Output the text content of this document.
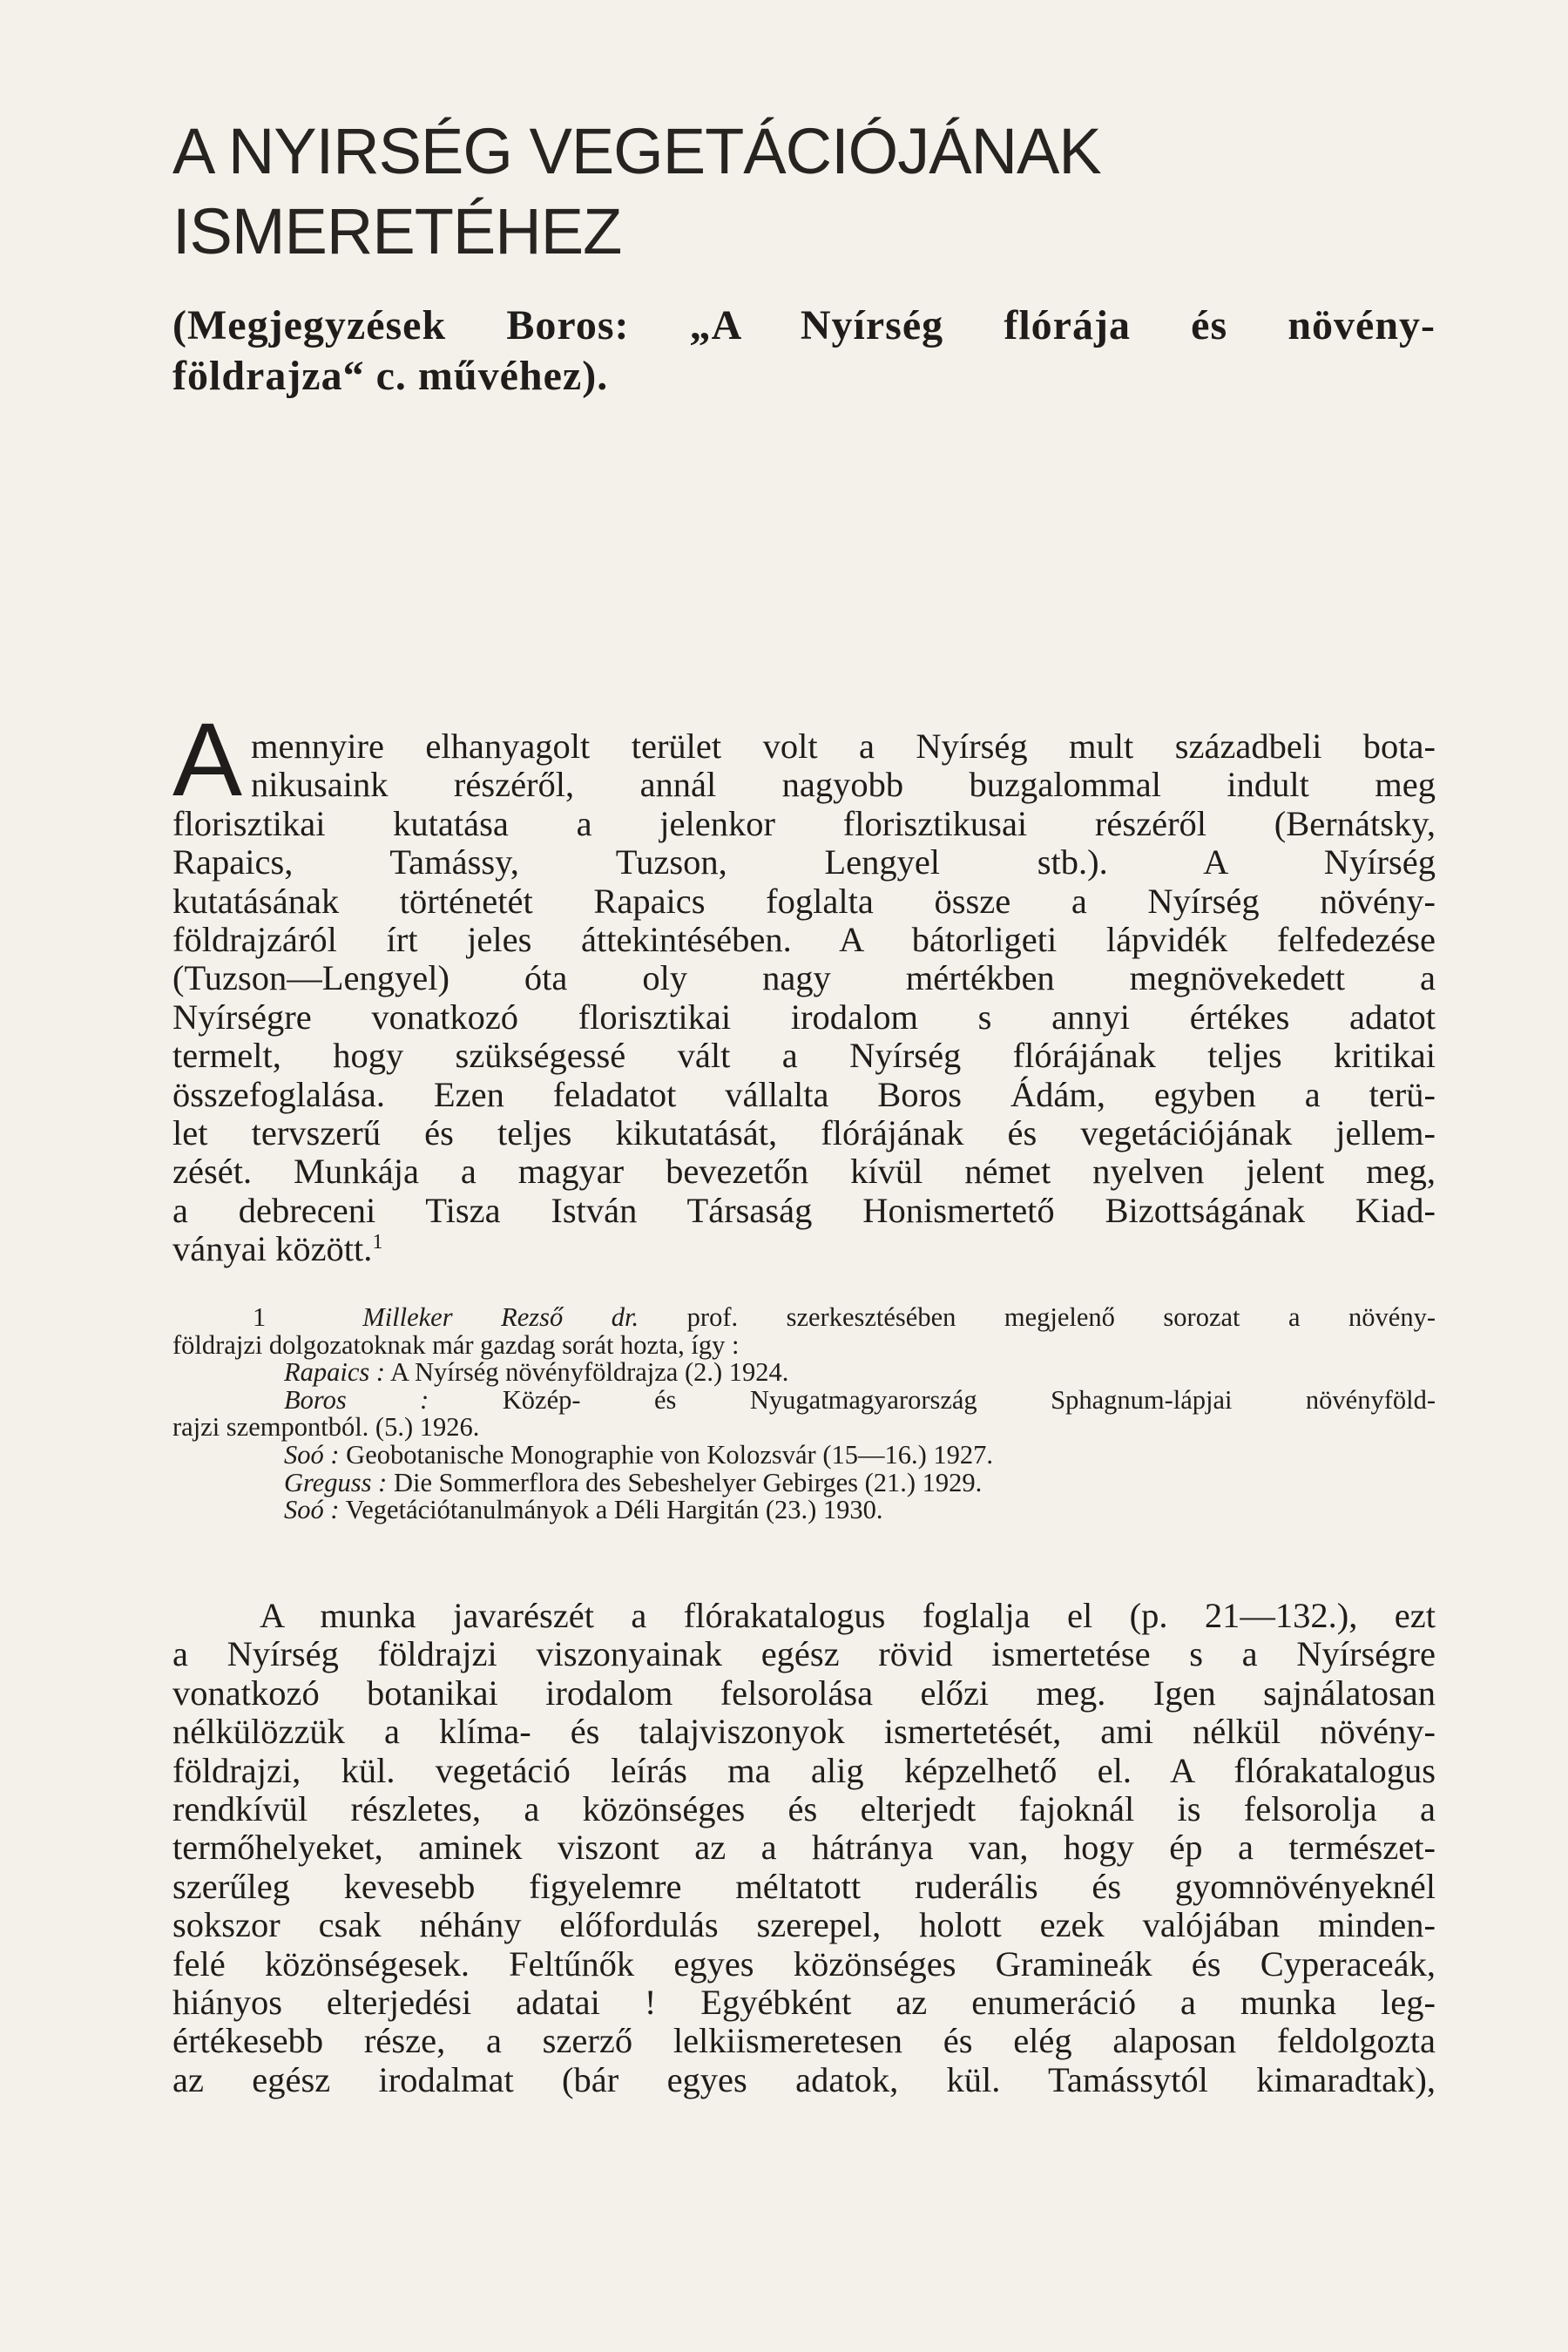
A NYIRSÉG VEGETÁCIÓJÁNAK
ISMERETÉHEZ
(Megjegyzések Boros: „A Nyírség flórája és növény-
földrajza“ c. művéhez).
A mennyire elhanyagolt terület volt a Nyírség mult századbeli bota-
nikusaink részéről, annál nagyobb buzgalommal indult meg
florisztikai kutatása a jelenkor florisztikusai részéről (Bernátsky,
Rapaics, Tamássy, Tuzson, Lengyel stb.). A Nyírség
kutatásának történetét Rapaics foglalta össze a Nyírség növény-
földrajzáról írt jeles áttekintésében. A bátorligeti lápvidék felfedezése
(Tuzson—Lengyel) óta oly nagy mértékben megnövekedett a
Nyírségre vonatkozó florisztikai irodalom s annyi értékes adatot
termelt, hogy szükségessé vált a Nyírség flórájának teljes kritikai
összefoglalása. Ezen feladatot vállalta Boros Ádám, egyben a terü-
let tervszerű és teljes kikutatását, flórájának és vegetációjának jellem-
zését. Munkája a magyar bevezetőn kívül német nyelven jelent meg,
a debreceni Tisza István Társaság Honismertető Bizottságának Kiad-
ványai között.$^1$
1	Milleker Rezső dr. prof. szerkesztésében megjelenő sorozat a növény-
földrajzi dolgozatoknak már gazdag sorát hozta, így :
Rapaics : A Nyírség növényföldrajza (2.) 1924.
Boros :	Közép- és Nyugatmagyarország Sphagnum-lápjai növényföld-
rajzi szempontból. (5.) 1926.
Soó : Geobotanische Monographie von Kolozsvár (15—16.) 1927.
Greguss : Die Sommerflora des Sebeshelyer Gebirges (21.) 1929.
Soó : Vegetációtanulmányok a Déli Hargitán (23.) 1930.
A munka javarészét a flórakatalogus foglalja el (p. 21—132.), ezt
a Nyírség földrajzi viszonyainak egész rövid ismertetése s a Nyírségre
vonatkozó botanikai irodalom felsorolása előzi meg. Igen sajnálatosan
nélkülözzük a klíma- és talajviszonyok ismertetését, ami nélkül növény-
földrajzi, kül. vegetáció leírás ma alig képzelhető el. A flórakatalogus
rendkívül részletes, a közönséges és elterjedt fajoknál is felsorolja a
termőhelyeket, aminek viszont az a hátránya van, hogy ép a természet-
szerűleg kevesebb figyelemre méltatott ruderális és gyomnövényeknél
sokszor csak néhány előfordulás szerepel, holott ezek valójában minden-
felé közönségesek. Feltűnők egyes közönséges Gramineák és Cyperaceák,
hiányos elterjedési adatai ! Egyébként az enumeráció a munka leg-
értékesebb része, a szerző lelkiismeretesen és elég alaposan feldolgozta
az egész irodalmat (bár egyes adatok, kül. Tamássytól kimaradtak),
